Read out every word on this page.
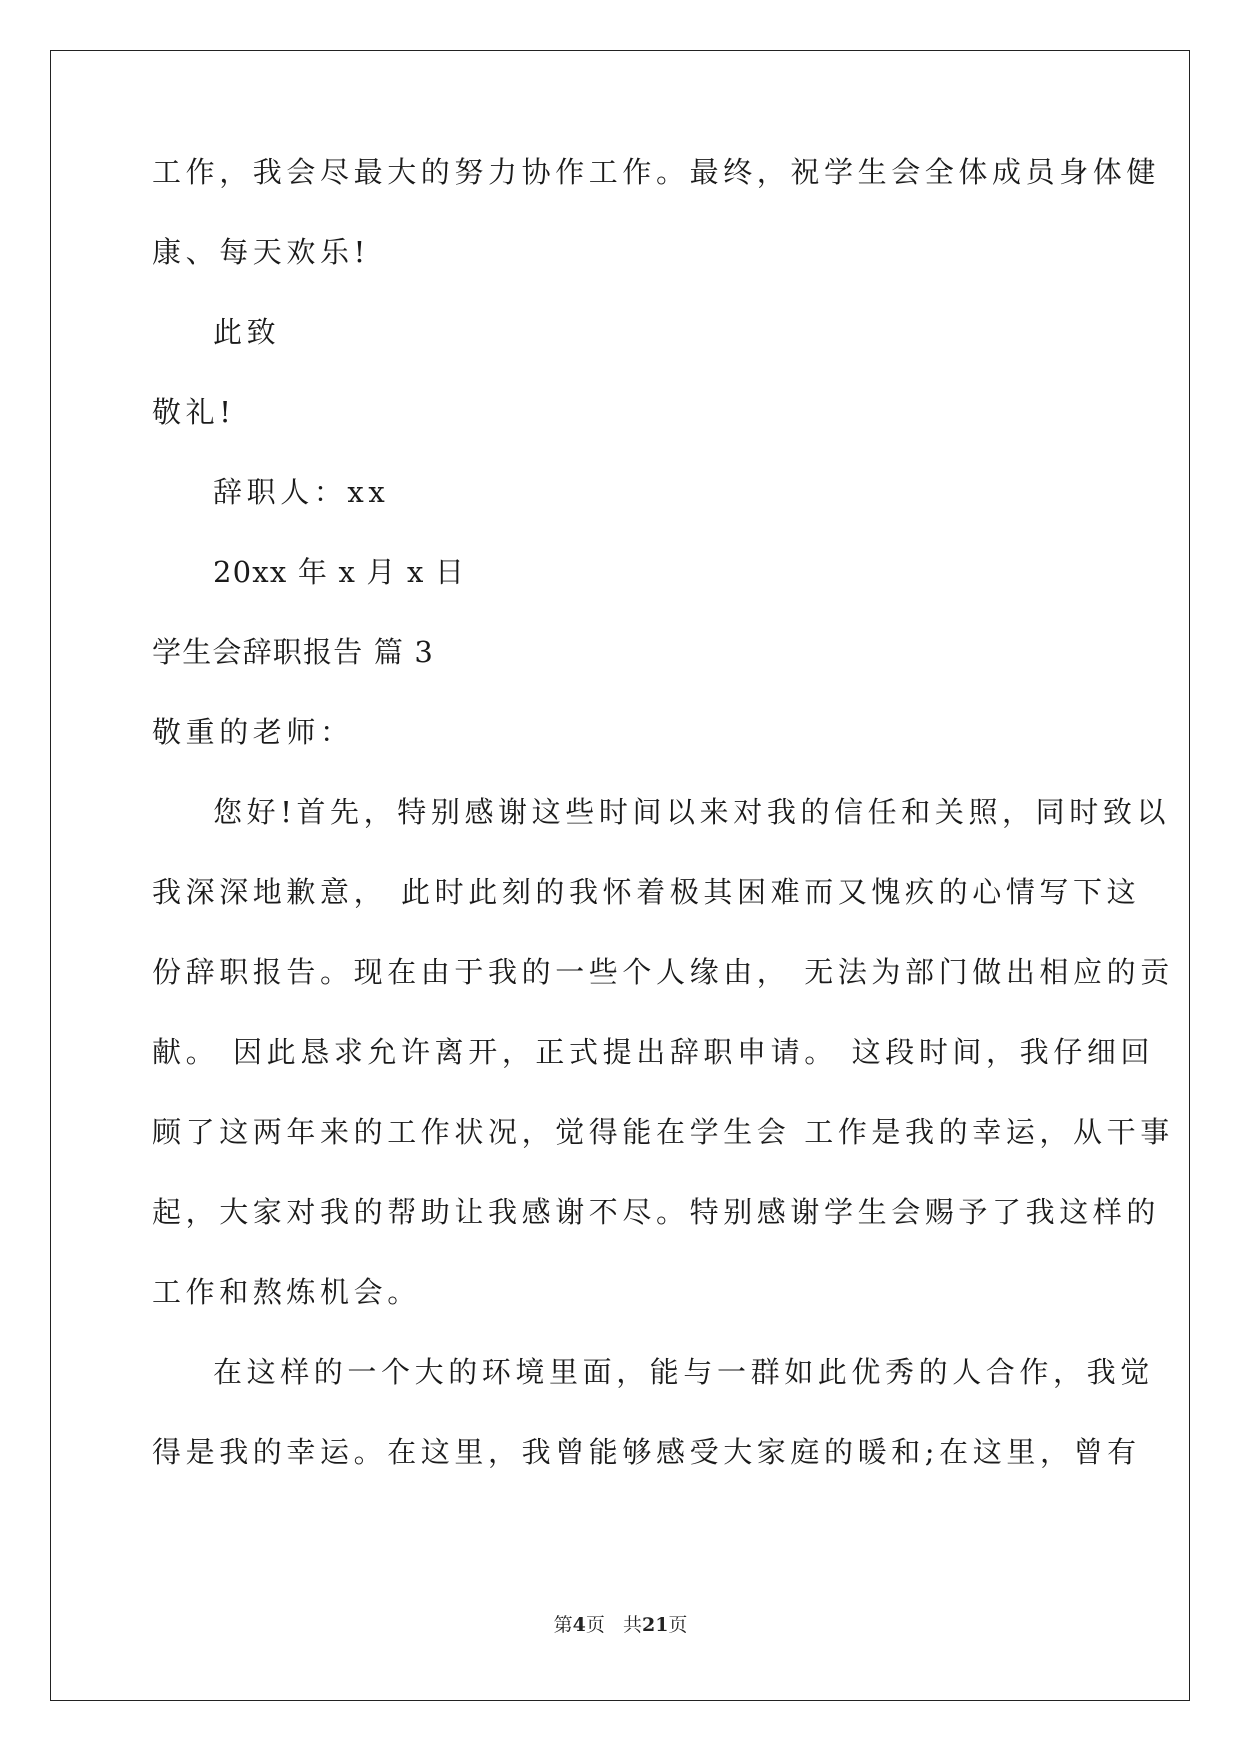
工作，我会尽最大的努力协作工作。最终，祝学生会全体成员身体健
康、每天欢乐!
此致
敬礼!
辞职人：xx
20xx 年 x 月 x 日
学生会辞职报告 篇 3
敬重的老师：
您好!首先，特别感谢这些时间以来对我的信任和关照，同时致以
我深深地歉意， 此时此刻的我怀着极其困难而又愧疚的心情写下这
份辞职报告。现在由于我的一些个人缘由， 无法为部门做出相应的贡
献。 因此恳求允许离开，正式提出辞职申请。 这段时间，我仔细回
顾了这两年来的工作状况，觉得能在学生会 工作是我的幸运，从干事
起，大家对我的帮助让我感谢不尽。特别感谢学生会赐予了我这样的
工作和熬炼机会。
在这样的一个大的环境里面，能与一群如此优秀的人合作，我觉
得是我的幸运。在这里，我曾能够感受大家庭的暖和;在这里，曾有
第4页 共21页
